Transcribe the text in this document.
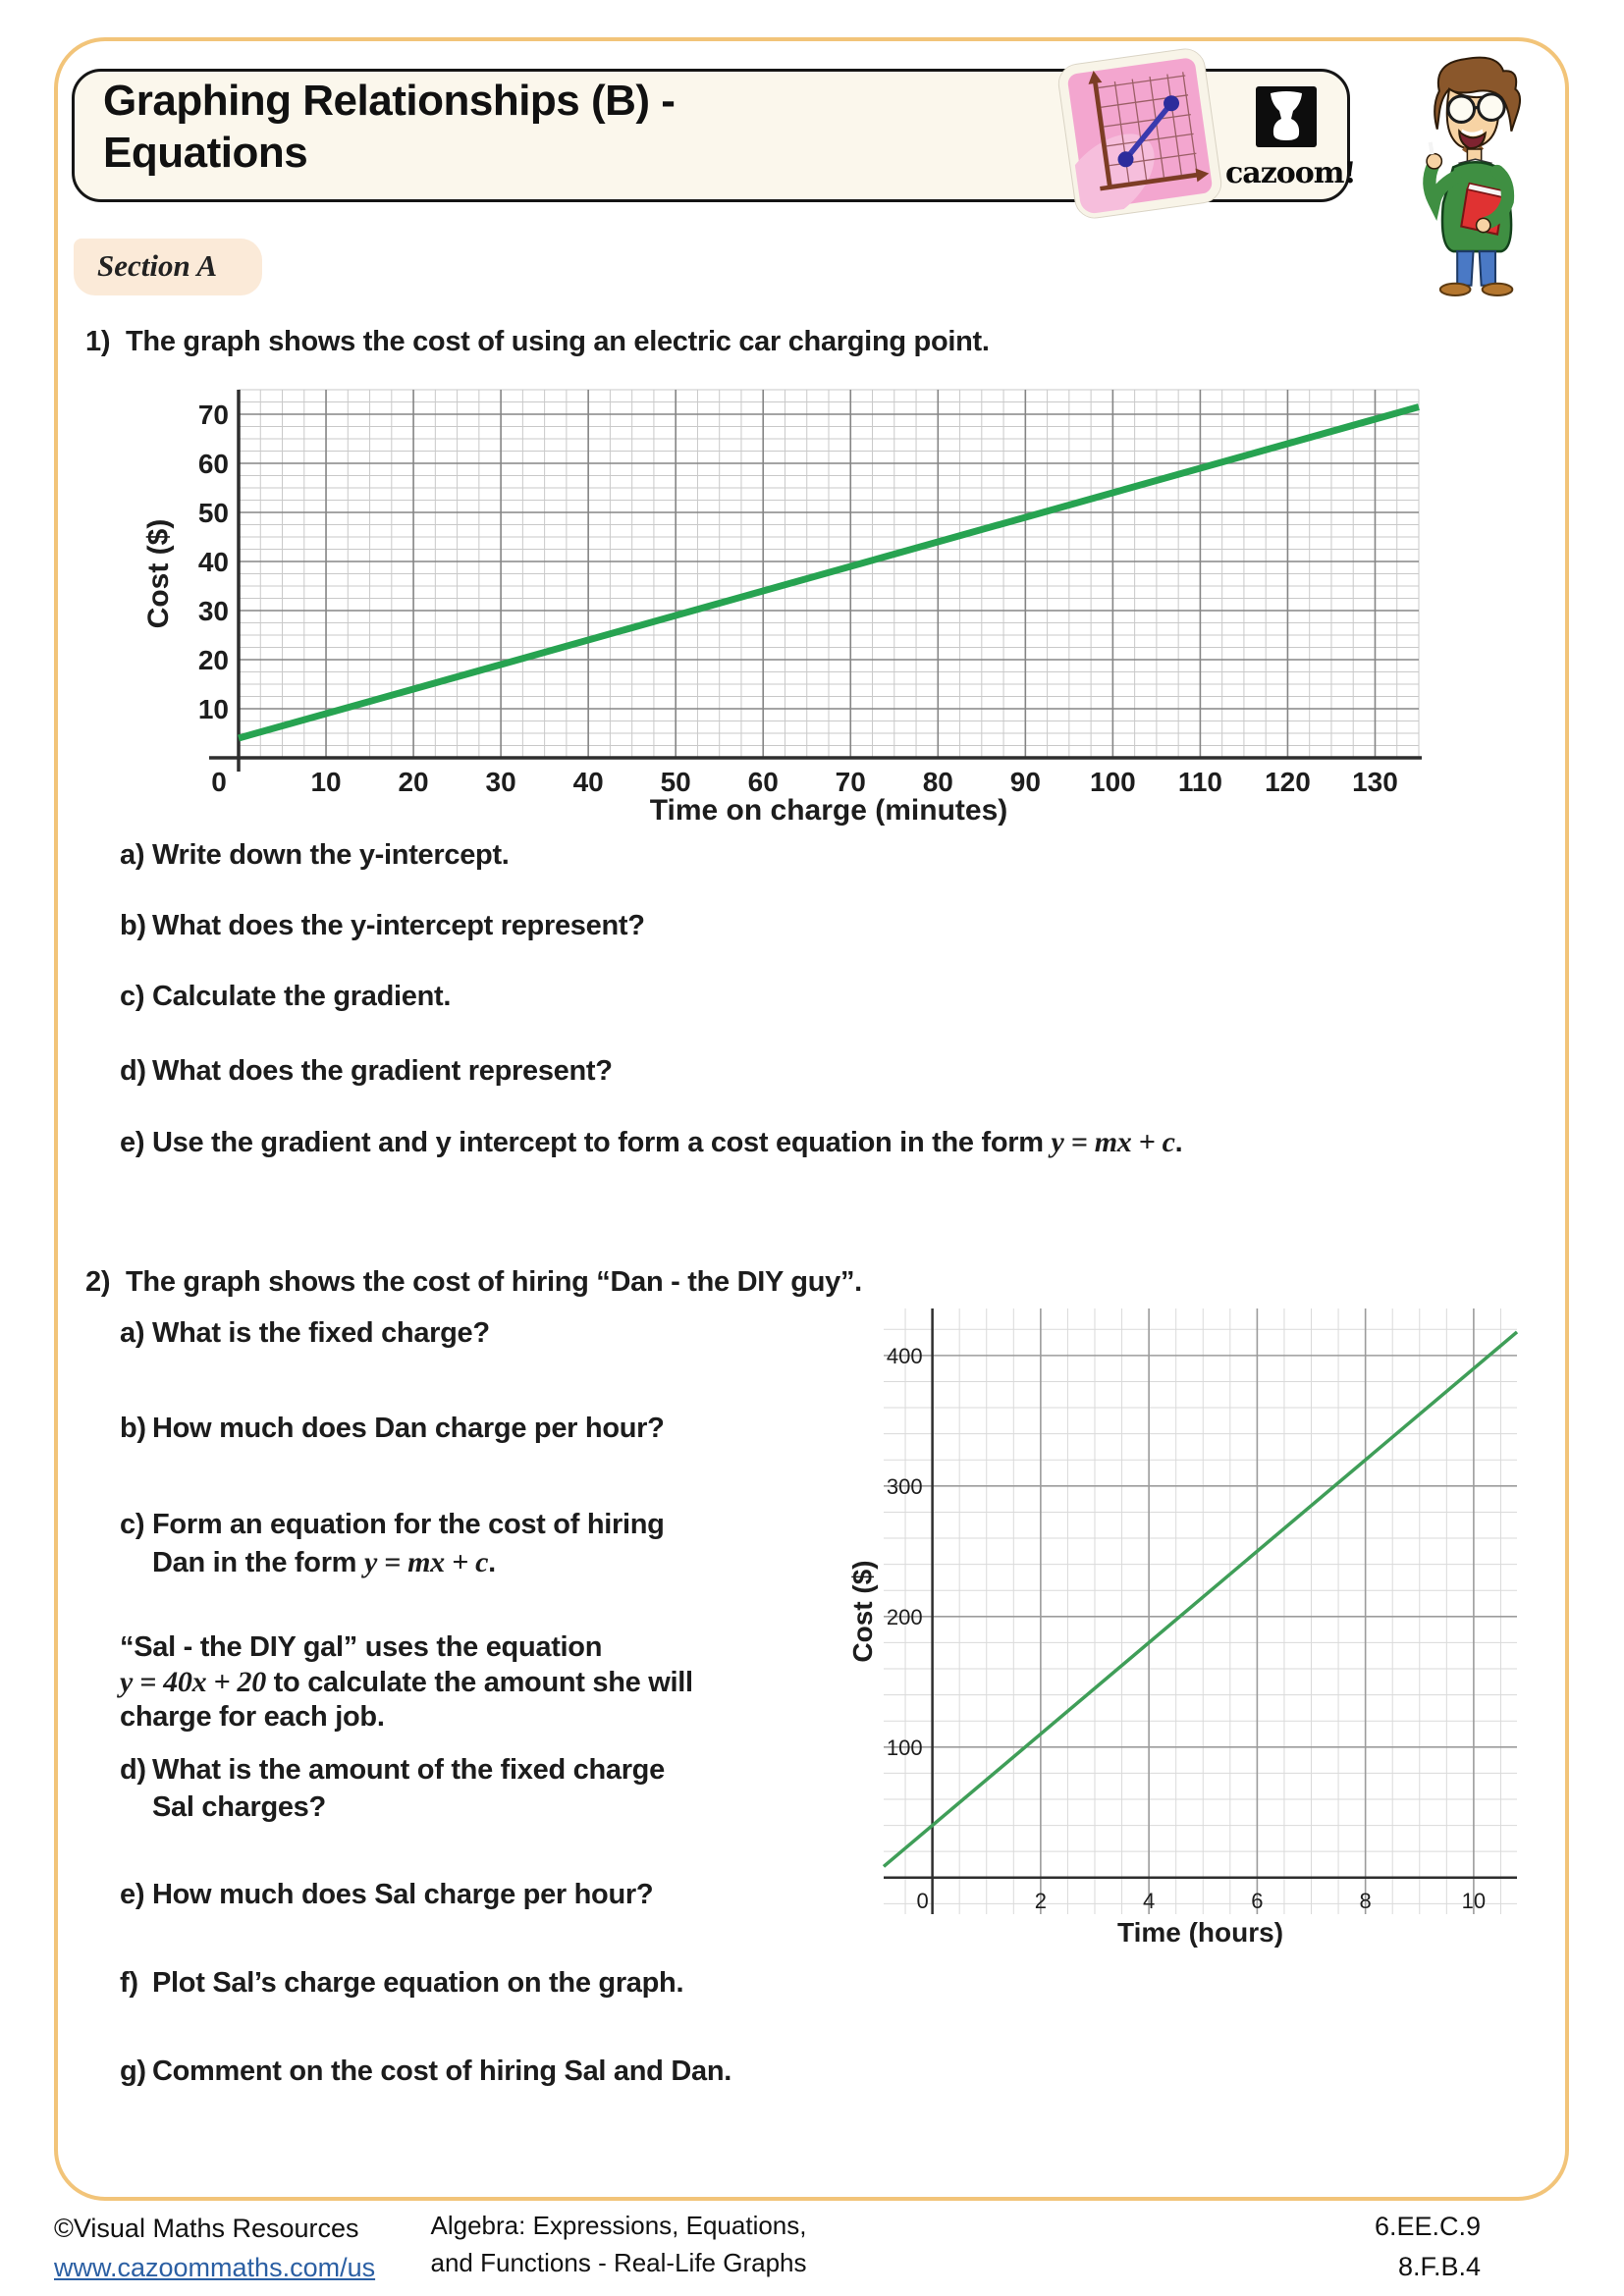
Graphing Relationships (B) -
Equations	cazoom!
Section A
1) The graph shows the cost of using an electric car charging point.
10
20
30
40
50
60
70
0	10 20 30 40 50 60 70 80 90 100 110 120 130
Time on charge (minutes)
Cost ($)
a) Write down the y-intercept.
b) What does the y-intercept represent?
c) Calculate the gradient.
d) What does the gradient represent?
e) Use the gradient and y intercept to form a cost equation in the form y = mx + c.
2) The graph shows the cost of hiring “Dan - the DIY guy”.
a) What is the fixed charge?
b) How much does Dan charge per hour?
c) Form an equation for the cost of hiring
Dan in the form y = mx + c.
“Sal - the DIY gal” uses the equation
y = 40x + 20 to calculate the amount she will
charge for each job.
d) What is the amount of the fixed charge
Sal charges?
e) How much does Sal charge per hour?
f) Plot Sal’s charge equation on the graph.
g) Comment on the cost of hiring Sal and Dan.
100
200
300
400
0	2	4	6	8	10
Time (hours)
Cost ($)
©Visual Maths Resources
www.cazoommaths.com/us
Algebra: Expressions, Equations,
and Functions - Real-Life Graphs
6.EE.C.9
8.F.B.4
